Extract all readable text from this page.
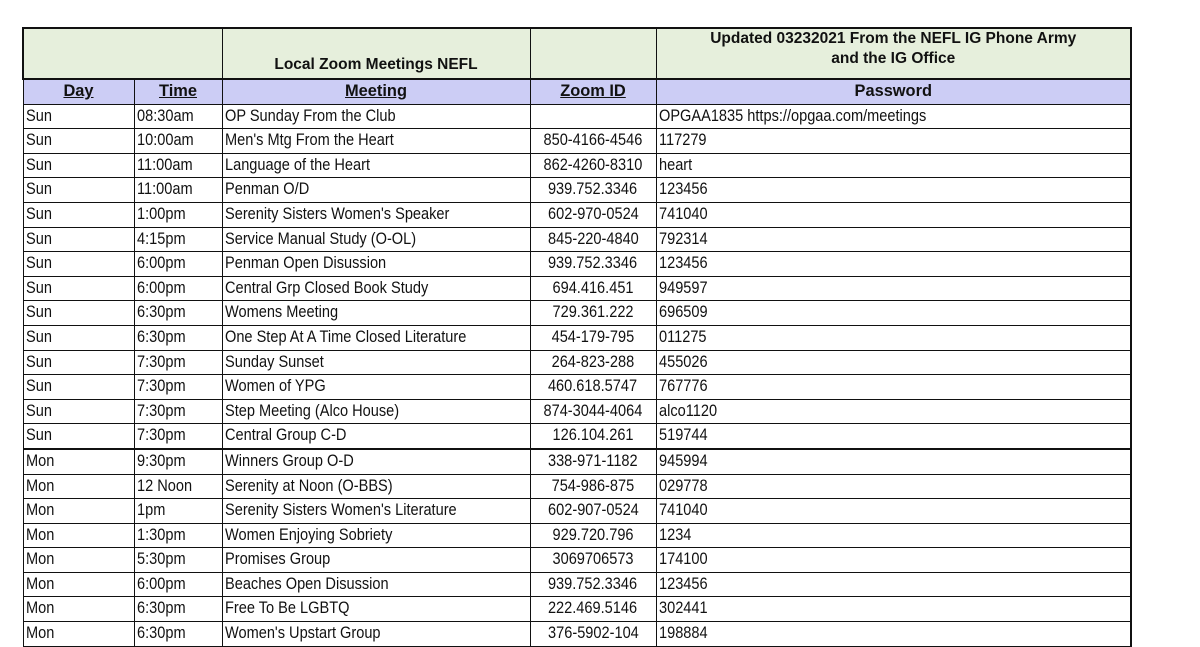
		Local Zoom Meetings NEFL		Updated 03232021 From the NEFL IG Phone Army
and the IG Office

Day	Time	Meeting	Zoom ID	Password
Sun	08:30am	OP Sunday From the Club		OPGAA1835 https://opgaa.com/meetings
Sun	10:00am	Men's Mtg From the Heart	850-4166-4546	117279
Sun	11:00am	Language of the Heart	862-4260-8310	heart
Sun	11:00am	Penman O/D	939.752.3346	123456
Sun	1:00pm	Serenity Sisters Women's Speaker	602-970-0524	741040
Sun	4:15pm	Service Manual Study (O-OL)	845-220-4840	792314
Sun	6:00pm	Penman Open Disussion	939.752.3346	123456
Sun	6:00pm	Central Grp Closed Book Study	694.416.451	949597
Sun	6:30pm	Womens Meeting	729.361.222	696509
Sun	6:30pm	One Step At A Time Closed Literature	454-179-795	011275
Sun	7:30pm	Sunday Sunset	264-823-288	455026
Sun	7:30pm	Women of YPG	460.618.5747	767776
Sun	7:30pm	Step Meeting (Alco House)	874-3044-4064	alco1120
Sun	7:30pm	Central Group C-D	126.104.261	519744
Mon	9:30pm	Winners Group O-D	338-971-1182	945994
Mon	12 Noon	Serenity at Noon (O-BBS)	754-986-875	029778
Mon	1pm	Serenity Sisters Women's Literature	602-907-0524	741040
Mon	1:30pm	Women Enjoying Sobriety	929.720.796	1234
Mon	5:30pm	Promises Group	3069706573	174100
Mon	6:00pm	Beaches Open Disussion	939.752.3346	123456
Mon	6:30pm	Free To Be LGBTQ	222.469.5146	302441
Mon	6:30pm	Women's Upstart Group	376-5902-104	198884
